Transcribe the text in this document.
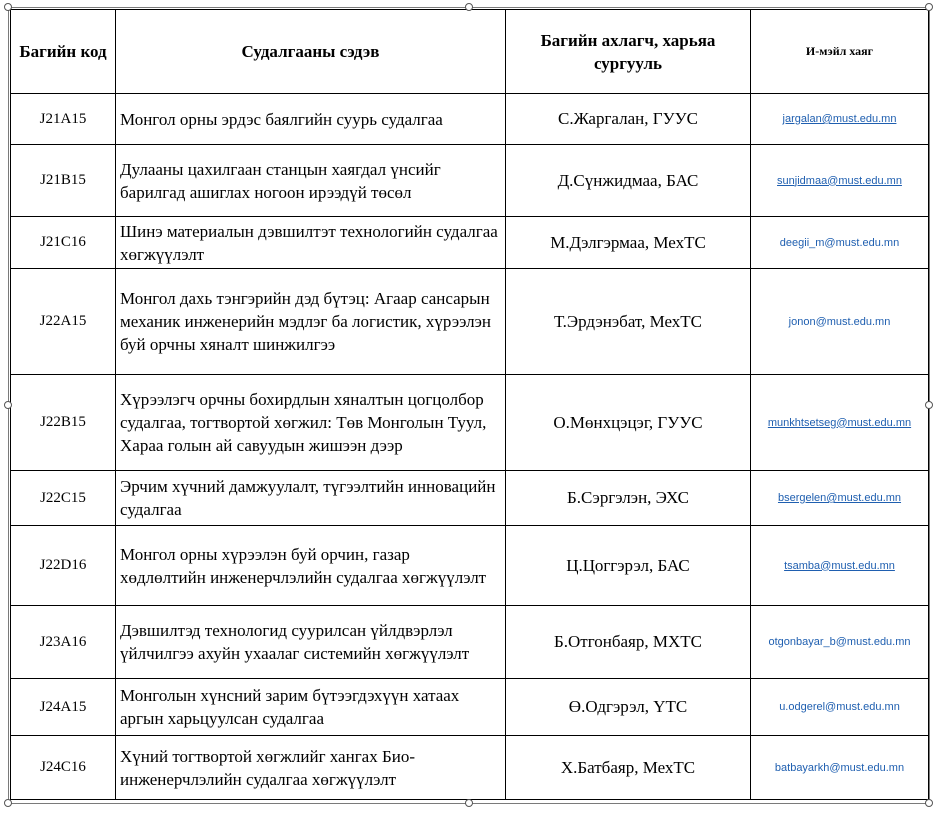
Багийн код	Судалгааны сэдэв	Багийн ахлагч, харьяа сургууль	И-мэйл хаяг
J21A15	Монгол орны эрдэс баялгийн суурь судалгаа	С.Жаргалан, ГУУС	jargalan@must.edu.mn
J21B15	Дулааны цахилгаан станцын хаягдал үнсийг барилгад ашиглах ногоон ирээдүй төсөл	Д.Сүнжидмаа, БАС	sunjidmaa@must.edu.mn
J21C16	Шинэ материалын дэвшилтэт технологийн судалгаа хөгжүүлэлт	М.Дэлгэрмаа, МехТС	deegii_m@must.edu.mn
J22A15	Монгол дахь тэнгэрийн дэд бүтэц: Агаар сансарын механик инженерийн мэдлэг ба логистик, хүрээлэн буй орчны хяналт шинжилгээ	Т.Эрдэнэбат, МехТС	jonon@must.edu.mn
J22B15	Хүрээлэгч орчны бохирдлын хяналтын цогцолбор судалгаа, тогтвортой хөгжил: Төв Монголын Туул, Хараа голын ай савуудын жишээн дээр	О.Мөнхцэцэг, ГУУС	munkhtsetseg@must.edu.mn
J22C15	Эрчим хүчний дамжуулалт, түгээлтийн инновацийн судалгаа	Б.Сэргэлэн, ЭХС	bsergelen@must.edu.mn
J22D16	Монгол орны хүрээлэн буй орчин, газар хөдлөлтийн инженерчлэлийн судалгаа хөгжүүлэлт	Ц.Цоггэрэл, БАС	tsamba@must.edu.mn
J23A16	Дэвшилтэд технологид суурилсан үйлдвэрлэл үйлчилгээ ахуйн ухаалаг системийн хөгжүүлэлт	Б.Отгонбаяр, МХТС	otgonbayar_b@must.edu.mn
J24A15	Монголын хүнсний зарим бүтээгдэхүүн хатаах аргын харьцуулсан судалгаа	Ө.Одгэрэл, ҮТС	u.odgerel@must.edu.mn
J24C16	Хүний тогтвортой хөгжлийг хангах Био-инженерчлэлийн судалгаа хөгжүүлэлт	Х.Батбаяр, МехТС	batbayarkh@must.edu.mn
